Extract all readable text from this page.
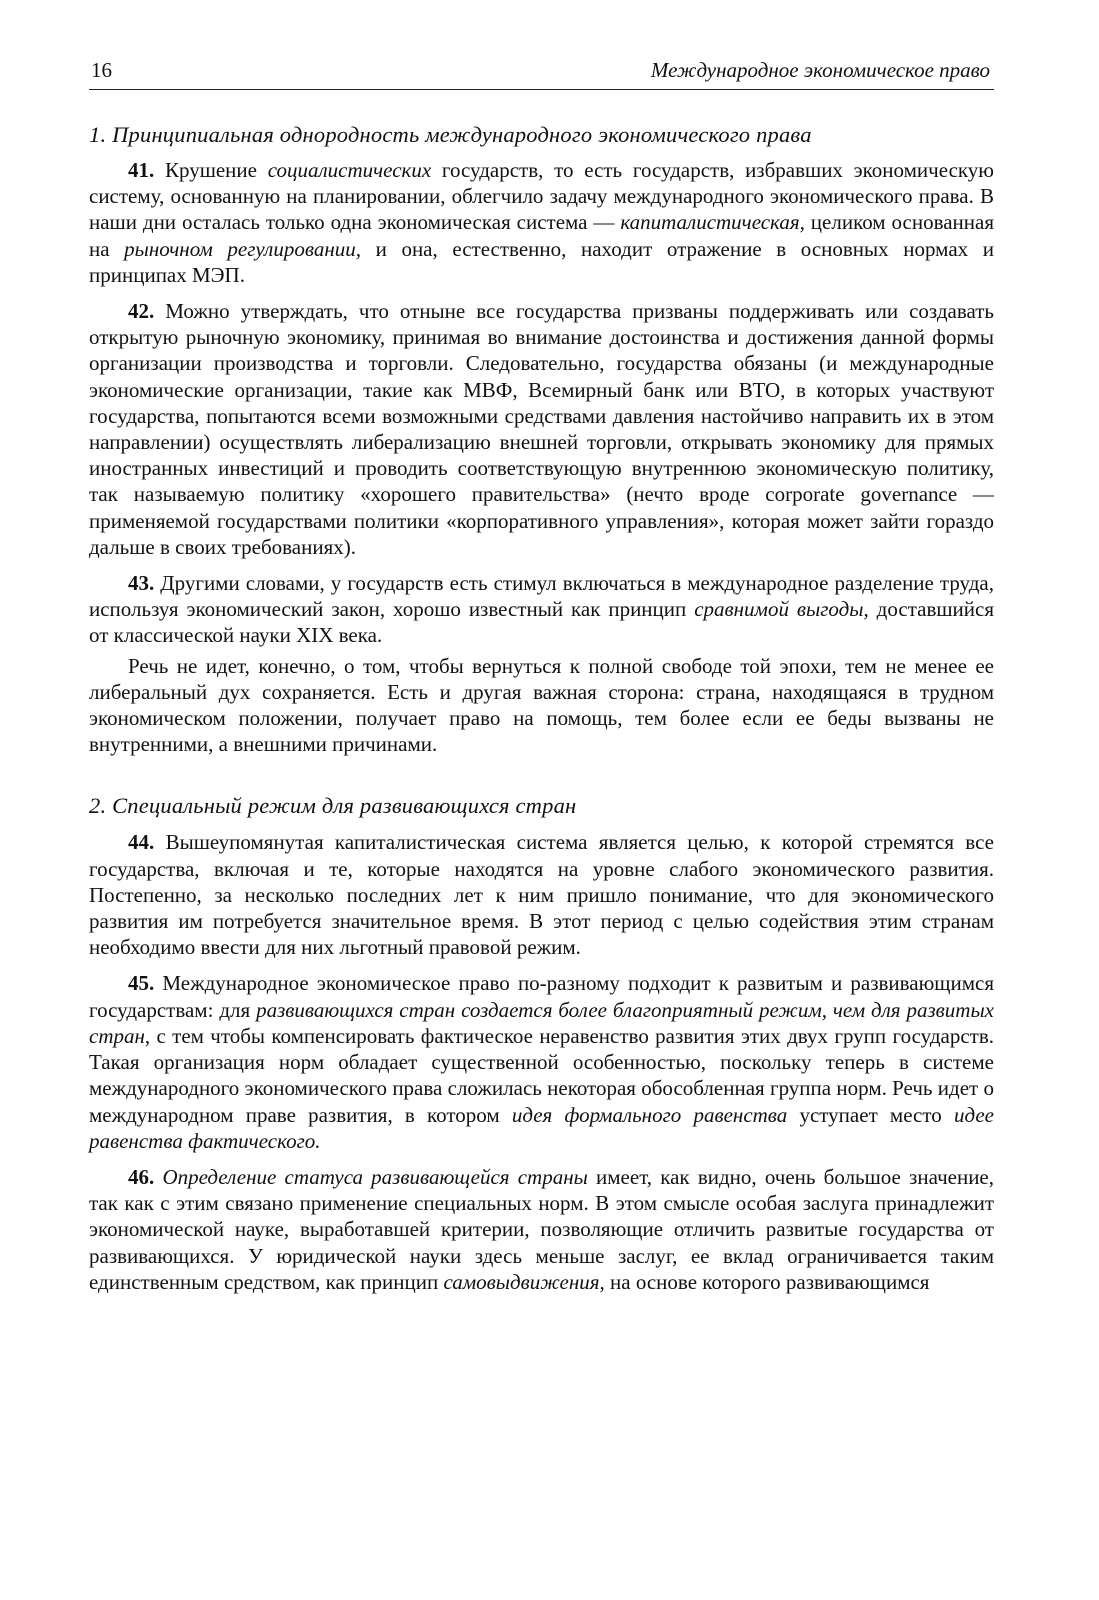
16	Международное экономическое право
1. Принципиальная однородность международного экономического права

41. Крушение социалистических государств, то есть государств, избравших экономическую систему, основанную на планировании, облегчило задачу международного экономического права. В наши дни осталась только одна экономическая система — капиталистическая, целиком основанная на рыночном регулировании, и она, естественно, находит отражение в основных нормах и принципах МЭП.

42. Можно утверждать, что отныне все государства призваны поддерживать или создавать открытую рыночную экономику, принимая во внимание достоинства и достижения данной формы организации производства и торговли. Следовательно, государства обязаны (и международные экономические организации, такие как МВФ, Всемирный банк или ВТО, в которых участвуют государства, попытаются всеми возможными средствами давления настойчиво направить их в этом направлении) осуществлять либерализацию внешней торговли, открывать экономику для прямых иностранных инвестиций и проводить соответствующую внутреннюю экономическую политику, так называемую политику «хорошего правительства» (нечто вроде corporate governance — применяемой государствами политики «корпоративного управления», которая может зайти гораздо дальше в своих требованиях).

43. Другими словами, у государств есть стимул включаться в международное разделение труда, используя экономический закон, хорошо известный как принцип сравнимой выгоды, доставшийся от классической науки XIX века.

Речь не идет, конечно, о том, чтобы вернуться к полной свободе той эпохи, тем не менее ее либеральный дух сохраняется. Есть и другая важная сторона: страна, находящаяся в трудном экономическом положении, получает право на помощь, тем более если ее беды вызваны не внутренними, а внешними причинами.

2. Специальный режим для развивающихся стран

44. Вышеупомянутая капиталистическая система является целью, к которой стремятся все государства, включая и те, которые находятся на уровне слабого экономического развития. Постепенно, за несколько последних лет к ним пришло понимание, что для экономического развития им потребуется значительное время. В этот период с целью содействия этим странам необходимо ввести для них льготный правовой режим.

45. Международное экономическое право по-разному подходит к развитым и развивающимся государствам: для развивающихся стран создается более благоприятный режим, чем для развитых стран, с тем чтобы компенсировать фактическое неравенство развития этих двух групп государств. Такая организация норм обладает существенной особенностью, поскольку теперь в системе международного экономического права сложилась некоторая обособленная группа норм. Речь идет о международном праве развития, в котором идея формального равенства уступает место идее равенства фактического.

46. Определение статуса развивающейся страны имеет, как видно, очень большое значение, так как с этим связано применение специальных норм. В этом смысле особая заслуга принадлежит экономической науке, выработавшей критерии, позволяющие отличить развитые государства от развивающихся. У юридической науки здесь меньше заслуг, ее вклад ограничивается таким единственным средством, как принцип самовыдвижения, на основе которого развивающимся
